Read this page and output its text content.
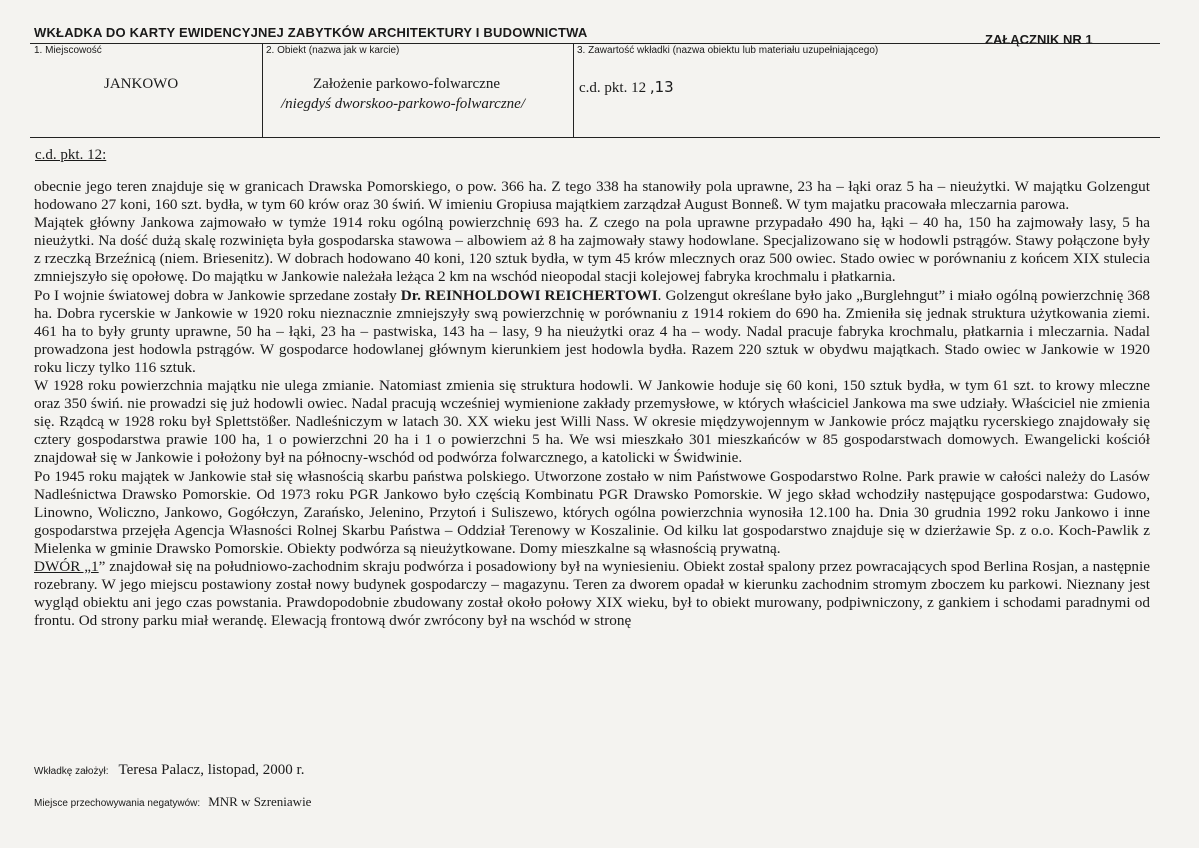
WKŁADKA DO KARTY EWIDENCYJNEJ ZABYTKÓW ARCHITEKTURY I BUDOWNICTWA	ZAŁĄCZNIK NR 1
1. Miejscowość
JANKOWO
2. Obiekt (nazwa jak w karcie)
Założenie parkowo-folwarczne
/niegdyś dworskoo-parkowo-folwarczne/
3. Zawartość wkładki (nazwa obiektu lub materiału uzupełniającego)
c.d. pkt. 12 ,13
c.d. pkt. 12:

obecnie jego teren znajduje się w granicach Drawska Pomorskiego, o pow. 366 ha. Z tego 338 ha stanowiły pola uprawne, 23 ha – łąki oraz 5 ha – nieużytki. W majątku Golzengut hodowano 27 koni, 160 szt. bydła, w tym 60 krów oraz 30 świń. W imieniu Gropiusa majątkiem zarządzał August Bonneß. W tym majatku pracowała mleczarnia parowa.

Majątek główny Jankowa zajmowało w tymże 1914 roku ogólną powierzchnię 693 ha. Z czego na pola uprawne przypadało 490 ha, łąki – 40 ha, 150 ha zajmowały lasy, 5 ha nieużytki. Na dość dużą skalę rozwinięta była gospodarska stawowa – albowiem aż 8 ha zajmowały stawy hodowlane. Specjalizowano się w hodowli pstrągów. Stawy połączone były z rzeczką Brzeźnicą (niem. Briesenitz). W dobrach hodowano 40 koni, 120 sztuk bydła, w tym 45 krów mlecznych oraz 500 owiec. Stado owiec w porównaniu z końcem XIX stulecia zmniejszyło się opołowę. Do majątku w Jankowie należała leżąca 2 km na wschód nieopodal stacji kolejowej fabryka krochmalu i płatkarnia.

Po I wojnie światowej dobra w Jankowie sprzedane zostały Dr. REINHOLDOWI REICHERTOWI. Golzengut określane było jako „Burglehngut” i miało ogólną powierzchnię 368 ha. Dobra rycerskie w Jankowie w 1920 roku nieznacznie zmniejszyły swą powierzchnię w porównaniu z 1914 rokiem do 690 ha. Zmieniła się jednak struktura użytkowania ziemi. 461 ha to były grunty uprawne, 50 ha – łąki, 23 ha – pastwiska, 143 ha – lasy, 9 ha nieużytki oraz 4 ha – wody. Nadal pracuje fabryka krochmalu, płatkarnia i mleczarnia. Nadal prowadzona jest hodowla pstrągów. W gospodarce hodowlanej głównym kierunkiem jest hodowla bydła. Razem 220 sztuk w obydwu majątkach. Stado owiec w Jankowie w 1920 roku liczy tylko 116 sztuk.

W 1928 roku powierzchnia majątku nie ulega zmianie. Natomiast zmienia się struktura hodowli. W Jankowie hoduje się 60 koni, 150 sztuk bydła, w tym 61 szt. to krowy mleczne oraz 350 świń. nie prowadzi się już hodowli owiec. Nadal pracują wcześniej wymienione zakłady przemysłowe, w których właściciel Jankowa ma swe udziały. Właściciel nie zmienia się. Rządcą w 1928 roku był Splettstößer. Nadleśniczym w latach 30. XX wieku jest Willi Nass. W okresie międzywojennym w Jankowie prócz majątku rycerskiego znajdowały się cztery gospodarstwa prawie 100 ha, 1 o powierzchni 20 ha i 1 o powierzchni 5 ha. We wsi mieszkało 301 mieszkańców w 85 gospodarstwach domowych. Ewangelicki kościół znajdował się w Jankowie i położony był na północny-wschód od podwórza folwarcznego, a katolicki w Świdwinie.

Po 1945 roku majątek w Jankowie stał się własnością skarbu państwa polskiego. Utworzone zostało w nim Państwowe Gospodarstwo Rolne. Park prawie w całości należy do Lasów Nadleśnictwa Drawsko Pomorskie. Od 1973 roku PGR Jankowo było częścią Kombinatu PGR Drawsko Pomorskie. W jego skład wchodziły następujące gospodarstwa: Gudowo, Linowno, Woliczno, Jankowo, Gogółczyn, Zarańsko, Jelenino, Przytoń i Suliszewo, których ogólna powierzchnia wynosiła 12.100 ha. Dnia 30 grudnia 1992 roku Jankowo i inne gospodarstwa przejęła Agencja Własności Rolnej Skarbu Państwa – Oddział Terenowy w Koszalinie. Od kilku lat gospodarstwo znajduje się w dzierżawie Sp. z o.o. Koch-Pawlik z Mielenka w gminie Drawsko Pomorskie. Obiekty podwórza są nieużytkowane. Domy mieszkalne są własnością prywatną.

DWÓR „1” znajdował się na południowo-zachodnim skraju podwórza i posadowiony był na wyniesieniu. Obiekt został spalony przez powracających spod Berlina Rosjan, a następnie rozebrany. W jego miejscu postawiony został nowy budynek gospodarczy – magazynu. Teren za dworem opadał w kierunku zachodnim stromym zboczem ku parkowi. Nieznany jest wygląd obiektu ani jego czas powstania. Prawdopodobnie zbudowany został około połowy XIX wieku, był to obiekt murowany, podpiwniczony, z gankiem i schodami paradnymi od frontu. Od strony parku miał werandę. Elewacją frontową dwór zwrócony był na wschód w stronę

Wkładkę założył: Teresa Palacz, listopad, 2000 r.
Miejsce przechowywania negatywów: MNR w Szreniawie
